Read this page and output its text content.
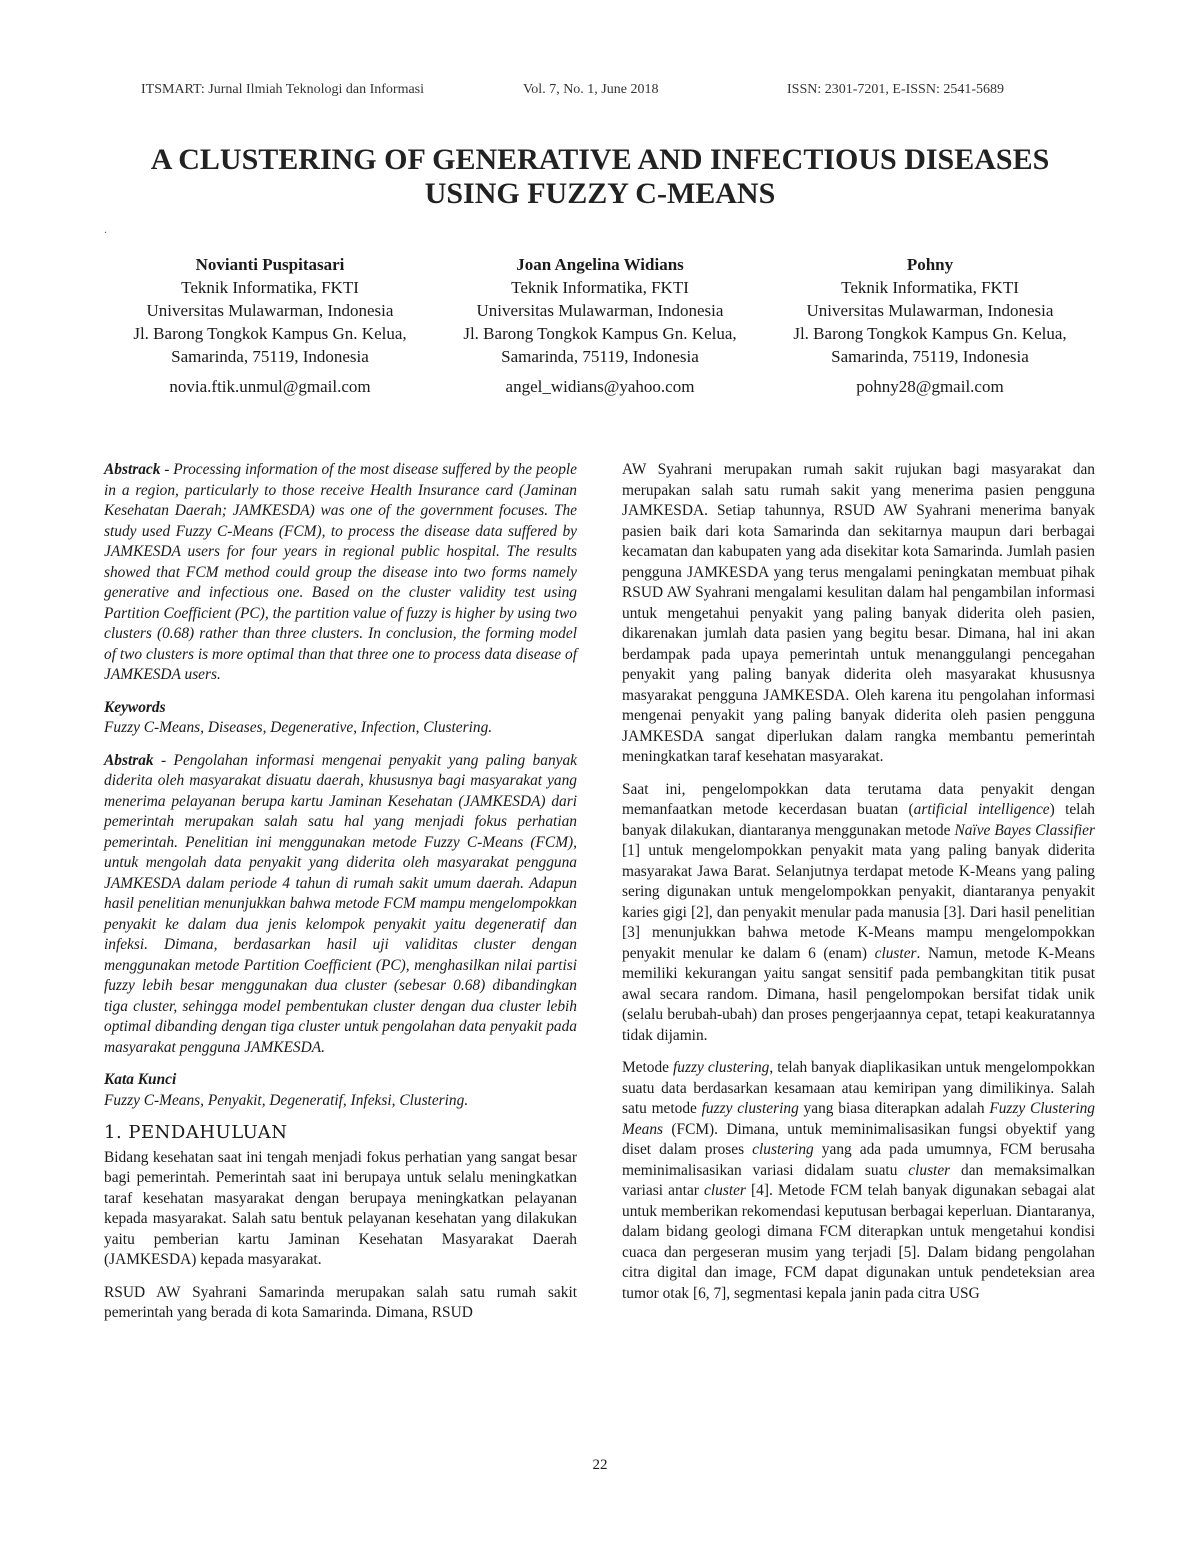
ITSMART: Jurnal Ilmiah Teknologi dan Informasi	Vol. 7, No. 1, June 2018	ISSN: 2301-7201, E-ISSN: 2541-5689
A CLUSTERING OF GENERATIVE AND INFECTIOUS DISEASES
USING FUZZY C-MEANS
.
Novianti Puspitasari
Teknik Informatika, FKTI
Universitas Mulawarman, Indonesia
Jl. Barong Tongkok Kampus Gn. Kelua,
Samarinda, 75119, Indonesia
novia.ftik.unmul@gmail.com
Joan Angelina Widians
Teknik Informatika, FKTI
Universitas Mulawarman, Indonesia
Jl. Barong Tongkok Kampus Gn. Kelua,
Samarinda, 75119, Indonesia
angel_widians@yahoo.com
Pohny
Teknik Informatika, FKTI
Universitas Mulawarman, Indonesia
Jl. Barong Tongkok Kampus Gn. Kelua,
Samarinda, 75119, Indonesia
pohny28@gmail.com

Abstrack - Processing information of the most disease suffered by the people in a region, particularly to those receive Health Insurance card (Jaminan Kesehatan Daerah; JAMKESDA) was one of the government focuses. The study used Fuzzy C-Means (FCM), to process the disease data suffered by JAMKESDA users for four years in regional public hospital. The results showed that FCM method could group the disease into two forms namely generative and infectious one. Based on the cluster validity test using Partition Coefficient (PC), the partition value of fuzzy is higher by using two clusters (0.68) rather than three clusters. In conclusion, the forming model of two clusters is more optimal than that three one to process data disease of JAMKESDA users.

Keywords

Fuzzy C-Means, Diseases, Degenerative, Infection, Clustering.

Abstrak - Pengolahan informasi mengenai penyakit yang paling banyak diderita oleh masyarakat disuatu daerah, khususnya bagi masyarakat yang menerima pelayanan berupa kartu Jaminan Kesehatan (JAMKESDA) dari pemerintah merupakan salah satu hal yang menjadi fokus perhatian pemerintah. Penelitian ini menggunakan metode Fuzzy C-Means (FCM), untuk mengolah data penyakit yang diderita oleh masyarakat pengguna JAMKESDA dalam periode 4 tahun di rumah sakit umum daerah. Adapun hasil penelitian menunjukkan bahwa metode FCM mampu mengelompokkan penyakit ke dalam dua jenis kelompok penyakit yaitu degeneratif dan infeksi. Dimana, berdasarkan hasil uji validitas cluster dengan menggunakan metode Partition Coefficient (PC), menghasilkan nilai partisi fuzzy lebih besar menggunakan dua cluster (sebesar 0.68) dibandingkan tiga cluster, sehingga model pembentukan cluster dengan dua cluster lebih optimal dibanding dengan tiga cluster untuk pengolahan data penyakit pada masyarakat pengguna JAMKESDA.

Kata Kunci

Fuzzy C-Means, Penyakit, Degeneratif, Infeksi, Clustering.

1. PENDAHULUAN

Bidang kesehatan saat ini tengah menjadi fokus perhatian yang sangat besar bagi pemerintah. Pemerintah saat ini berupaya untuk selalu meningkatkan taraf kesehatan masyarakat dengan berupaya meningkatkan pelayanan kepada masyarakat. Salah satu bentuk pelayanan kesehatan yang dilakukan yaitu pemberian kartu Jaminan Kesehatan Masyarakat Daerah (JAMKESDA) kepada masyarakat.

RSUD AW Syahrani Samarinda merupakan salah satu rumah sakit pemerintah yang berada di kota Samarinda. Dimana, RSUD

AW Syahrani merupakan rumah sakit rujukan bagi masyarakat dan merupakan salah satu rumah sakit yang menerima pasien pengguna JAMKESDA. Setiap tahunnya, RSUD AW Syahrani menerima banyak pasien baik dari kota Samarinda dan sekitarnya maupun dari berbagai kecamatan dan kabupaten yang ada disekitar kota Samarinda. Jumlah pasien pengguna JAMKESDA yang terus mengalami peningkatan membuat pihak RSUD AW Syahrani mengalami kesulitan dalam hal pengambilan informasi untuk mengetahui penyakit yang paling banyak diderita oleh pasien, dikarenakan jumlah data pasien yang begitu besar. Dimana, hal ini akan berdampak pada upaya pemerintah untuk menanggulangi pencegahan penyakit yang paling banyak diderita oleh masyarakat khususnya masyarakat pengguna JAMKESDA. Oleh karena itu pengolahan informasi mengenai penyakit yang paling banyak diderita oleh pasien pengguna JAMKESDA sangat diperlukan dalam rangka membantu pemerintah meningkatkan taraf kesehatan masyarakat.

Saat ini, pengelompokkan data terutama data penyakit dengan memanfaatkan metode kecerdasan buatan (artificial intelligence) telah banyak dilakukan, diantaranya menggunakan metode Naïve Bayes Classifier [1] untuk mengelompokkan penyakit mata yang paling banyak diderita masyarakat Jawa Barat. Selanjutnya terdapat metode K-Means yang paling sering digunakan untuk mengelompokkan penyakit, diantaranya penyakit karies gigi [2], dan penyakit menular pada manusia [3]. Dari hasil penelitian [3] menunjukkan bahwa metode K-Means mampu mengelompokkan penyakit menular ke dalam 6 (enam) cluster. Namun, metode K-Means memiliki kekurangan yaitu sangat sensitif pada pembangkitan titik pusat awal secara random. Dimana, hasil pengelompokan bersifat tidak unik (selalu berubah-ubah) dan proses pengerjaannya cepat, tetapi keakuratannya tidak dijamin.

Metode fuzzy clustering, telah banyak diaplikasikan untuk mengelompokkan suatu data berdasarkan kesamaan atau kemiripan yang dimilikinya. Salah satu metode fuzzy clustering yang biasa diterapkan adalah Fuzzy Clustering Means (FCM). Dimana, untuk meminimalisasikan fungsi obyektif yang diset dalam proses clustering yang ada pada umumnya, FCM berusaha meminimalisasikan variasi didalam suatu cluster dan memaksimalkan variasi antar cluster [4]. Metode FCM telah banyak digunakan sebagai alat untuk memberikan rekomendasi keputusan berbagai keperluan. Diantaranya, dalam bidang geologi dimana FCM diterapkan untuk mengetahui kondisi cuaca dan pergeseran musim yang terjadi [5]. Dalam bidang pengolahan citra digital dan image, FCM dapat digunakan untuk pendeteksian area tumor otak [6, 7], segmentasi kepala janin pada citra USG

22
